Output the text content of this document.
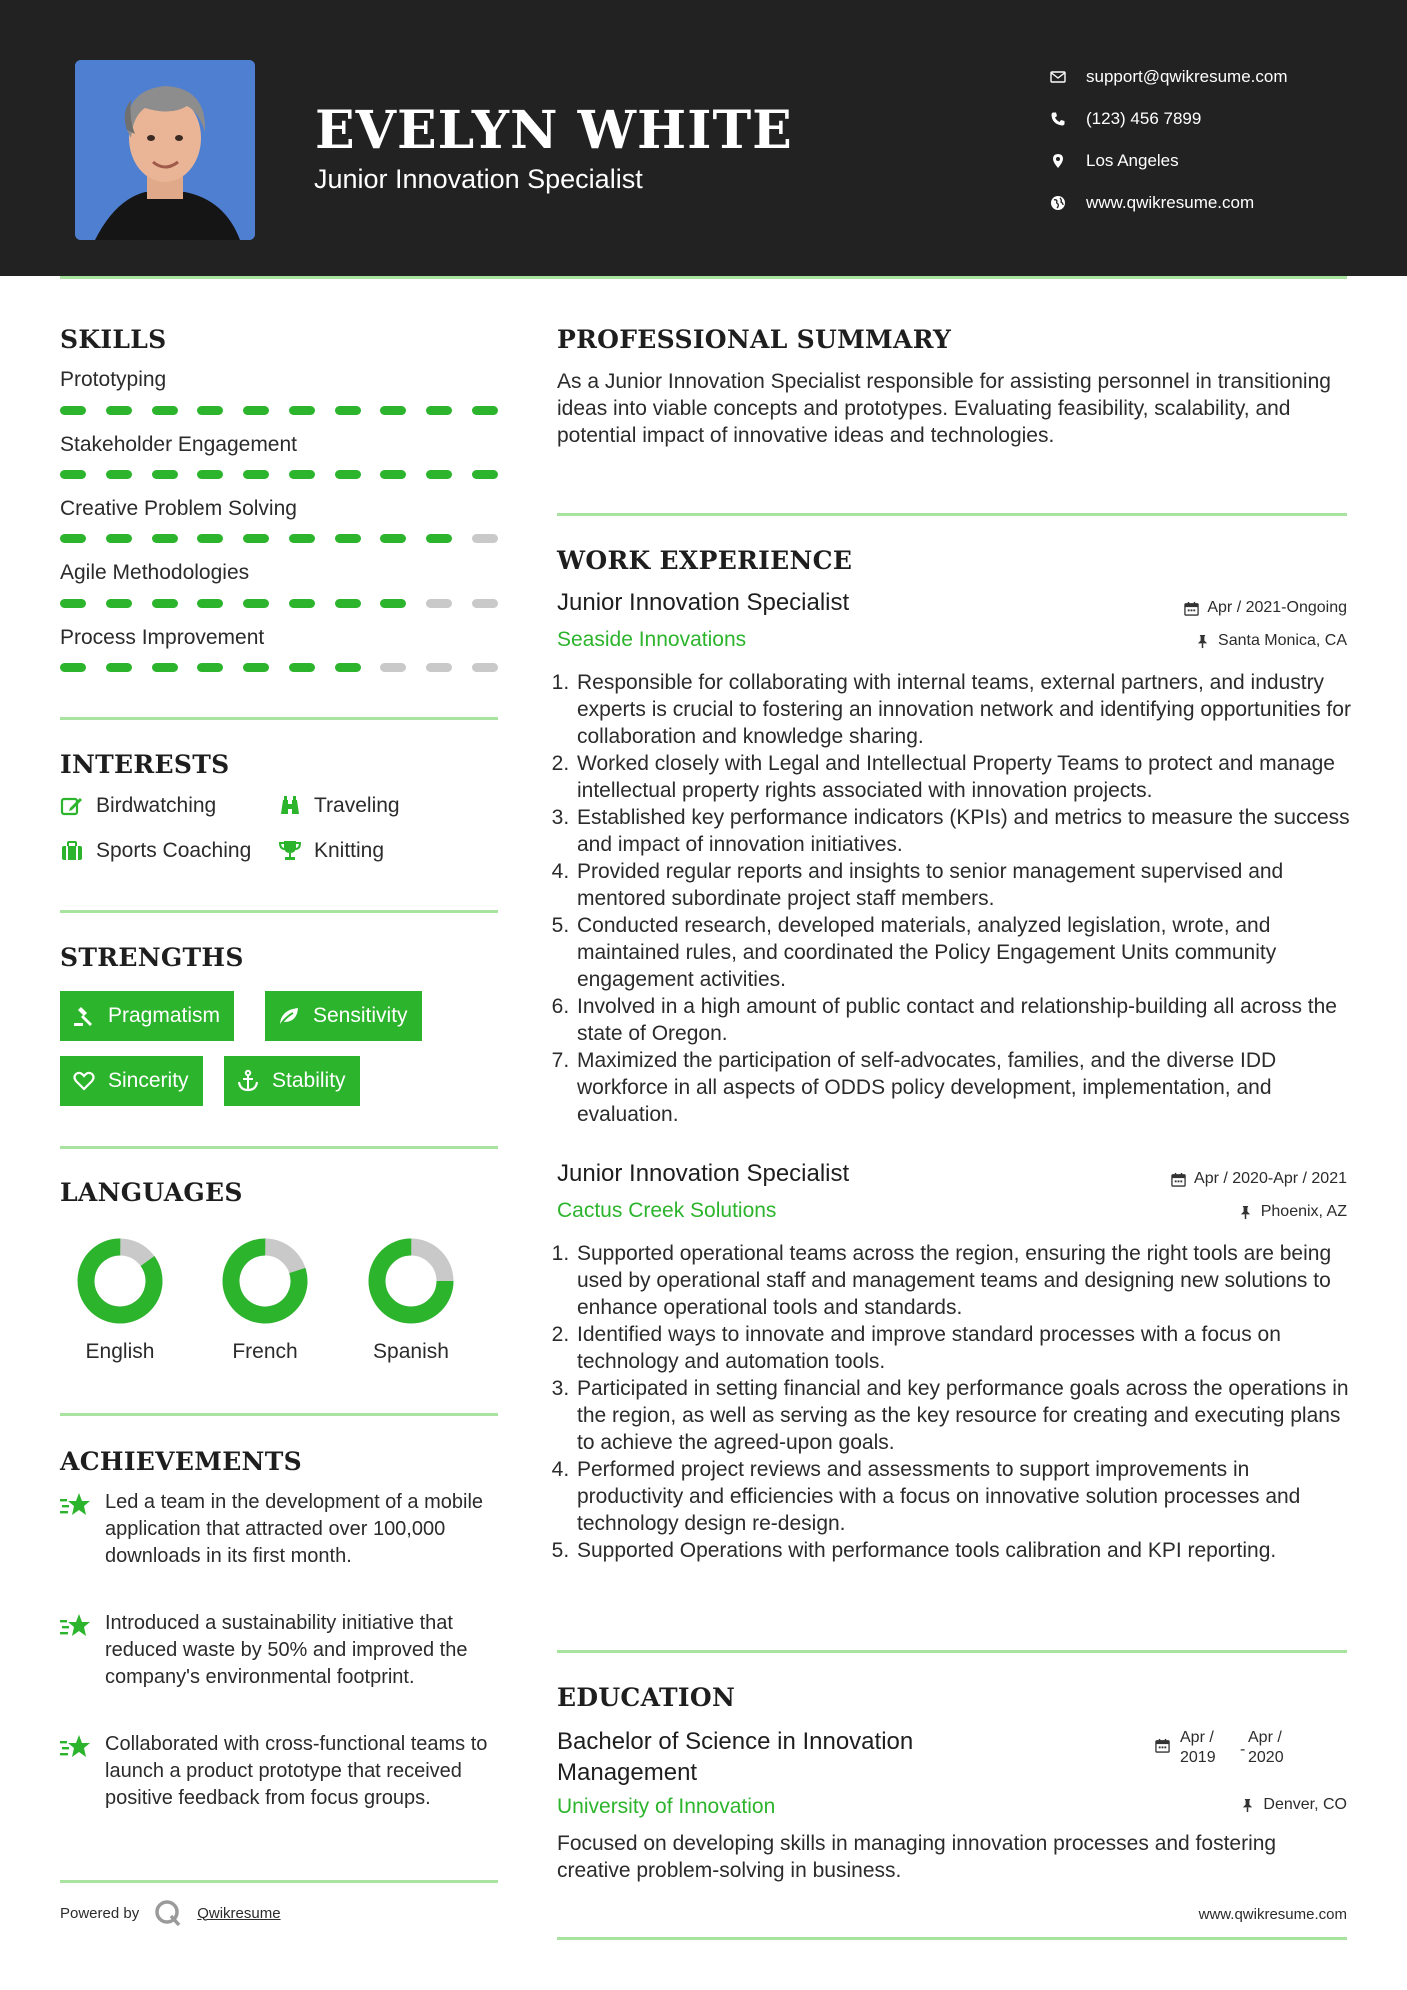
EVELYN WHITE
Junior Innovation Specialist
support@qwikresume.com
(123) 456 7899
Los Angeles
www.qwikresume.com
SKILLS
Prototyping
Stakeholder Engagement
Creative Problem Solving
Agile Methodologies
Process Improvement
INTERESTS
Birdwatching	Traveling
Sports Coaching	Knitting
STRENGTHS
Pragmatism	Sensitivity
Sincerity	Stability
LANGUAGES
English	French	Spanish
ACHIEVEMENTS
Led a team in the development of a mobile application that attracted over 100,000 downloads in its first month.
Introduced a sustainability initiative that reduced waste by 50% and improved the company's environmental footprint.
Collaborated with cross-functional teams to launch a product prototype that received positive feedback from focus groups.
Powered by	Qwikresume
PROFESSIONAL SUMMARY
As a Junior Innovation Specialist responsible for assisting personnel in transitioning ideas into viable concepts and prototypes. Evaluating feasibility, scalability, and potential impact of innovative ideas and technologies.
WORK EXPERIENCE
Junior Innovation Specialist	Apr / 2021-Ongoing
Seaside Innovations	Santa Monica, CA
1. Responsible for collaborating with internal teams, external partners, and industry experts is crucial to fostering an innovation network and identifying opportunities for collaboration and knowledge sharing.
2. Worked closely with Legal and Intellectual Property Teams to protect and manage intellectual property rights associated with innovation projects.
3. Established key performance indicators (KPIs) and metrics to measure the success and impact of innovation initiatives.
4. Provided regular reports and insights to senior management supervised and mentored subordinate project staff members.
5. Conducted research, developed materials, analyzed legislation, wrote, and maintained rules, and coordinated the Policy Engagement Units community engagement activities.
6. Involved in a high amount of public contact and relationship-building all across the state of Oregon.
7. Maximized the participation of self-advocates, families, and the diverse IDD workforce in all aspects of ODDS policy development, implementation, and evaluation.
Junior Innovation Specialist	Apr / 2020-Apr / 2021
Cactus Creek Solutions	Phoenix, AZ
1. Supported operational teams across the region, ensuring the right tools are being used by operational staff and management teams and designing new solutions to enhance operational tools and standards.
2. Identified ways to innovate and improve standard processes with a focus on technology and automation tools.
3. Participated in setting financial and key performance goals across the operations in the region, as well as serving as the key resource for creating and executing plans to achieve the agreed-upon goals.
4. Performed project reviews and assessments to support improvements in productivity and efficiencies with a focus on innovative solution processes and technology design re-design.
5. Supported Operations with performance tools calibration and KPI reporting.
EDUCATION
Bachelor of Science in Innovation
Management
Apr /
2019	-
Apr /
2020
University of Innovation	Denver, CO
Focused on developing skills in managing innovation processes and fostering creative problem-solving in business.
www.qwikresume.com
